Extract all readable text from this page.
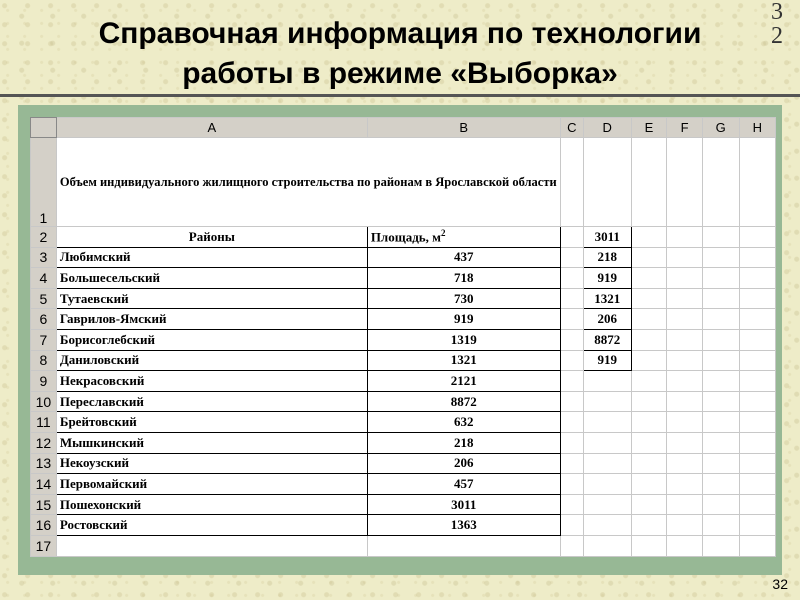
Справочная информация по технологии
работы в режиме «Выборка»
3
2
	A	B	C	D	E	F	G	H
1	Объем индивидуального жилищного строительства по районам в Ярославской области							
2	Районы	Площадь, $м^2$		3011				
3	Любимский	437		218				
4	Большесельский	718		919				
5	Тутаевский	730		1321				
6	Гаврилов-Ямский	919		206				
7	Борисоглебский	1319		8872				
8	Даниловский	1321		919				
9	Некрасовский	2121						
10	Переславский	8872						
11	Брейтовский	632						
12	Мышкинский	218						
13	Некоузский	206						
14	Первомайский	457						
15	Пошехонский	3011						
16	Ростовский	1363						
17								
32
